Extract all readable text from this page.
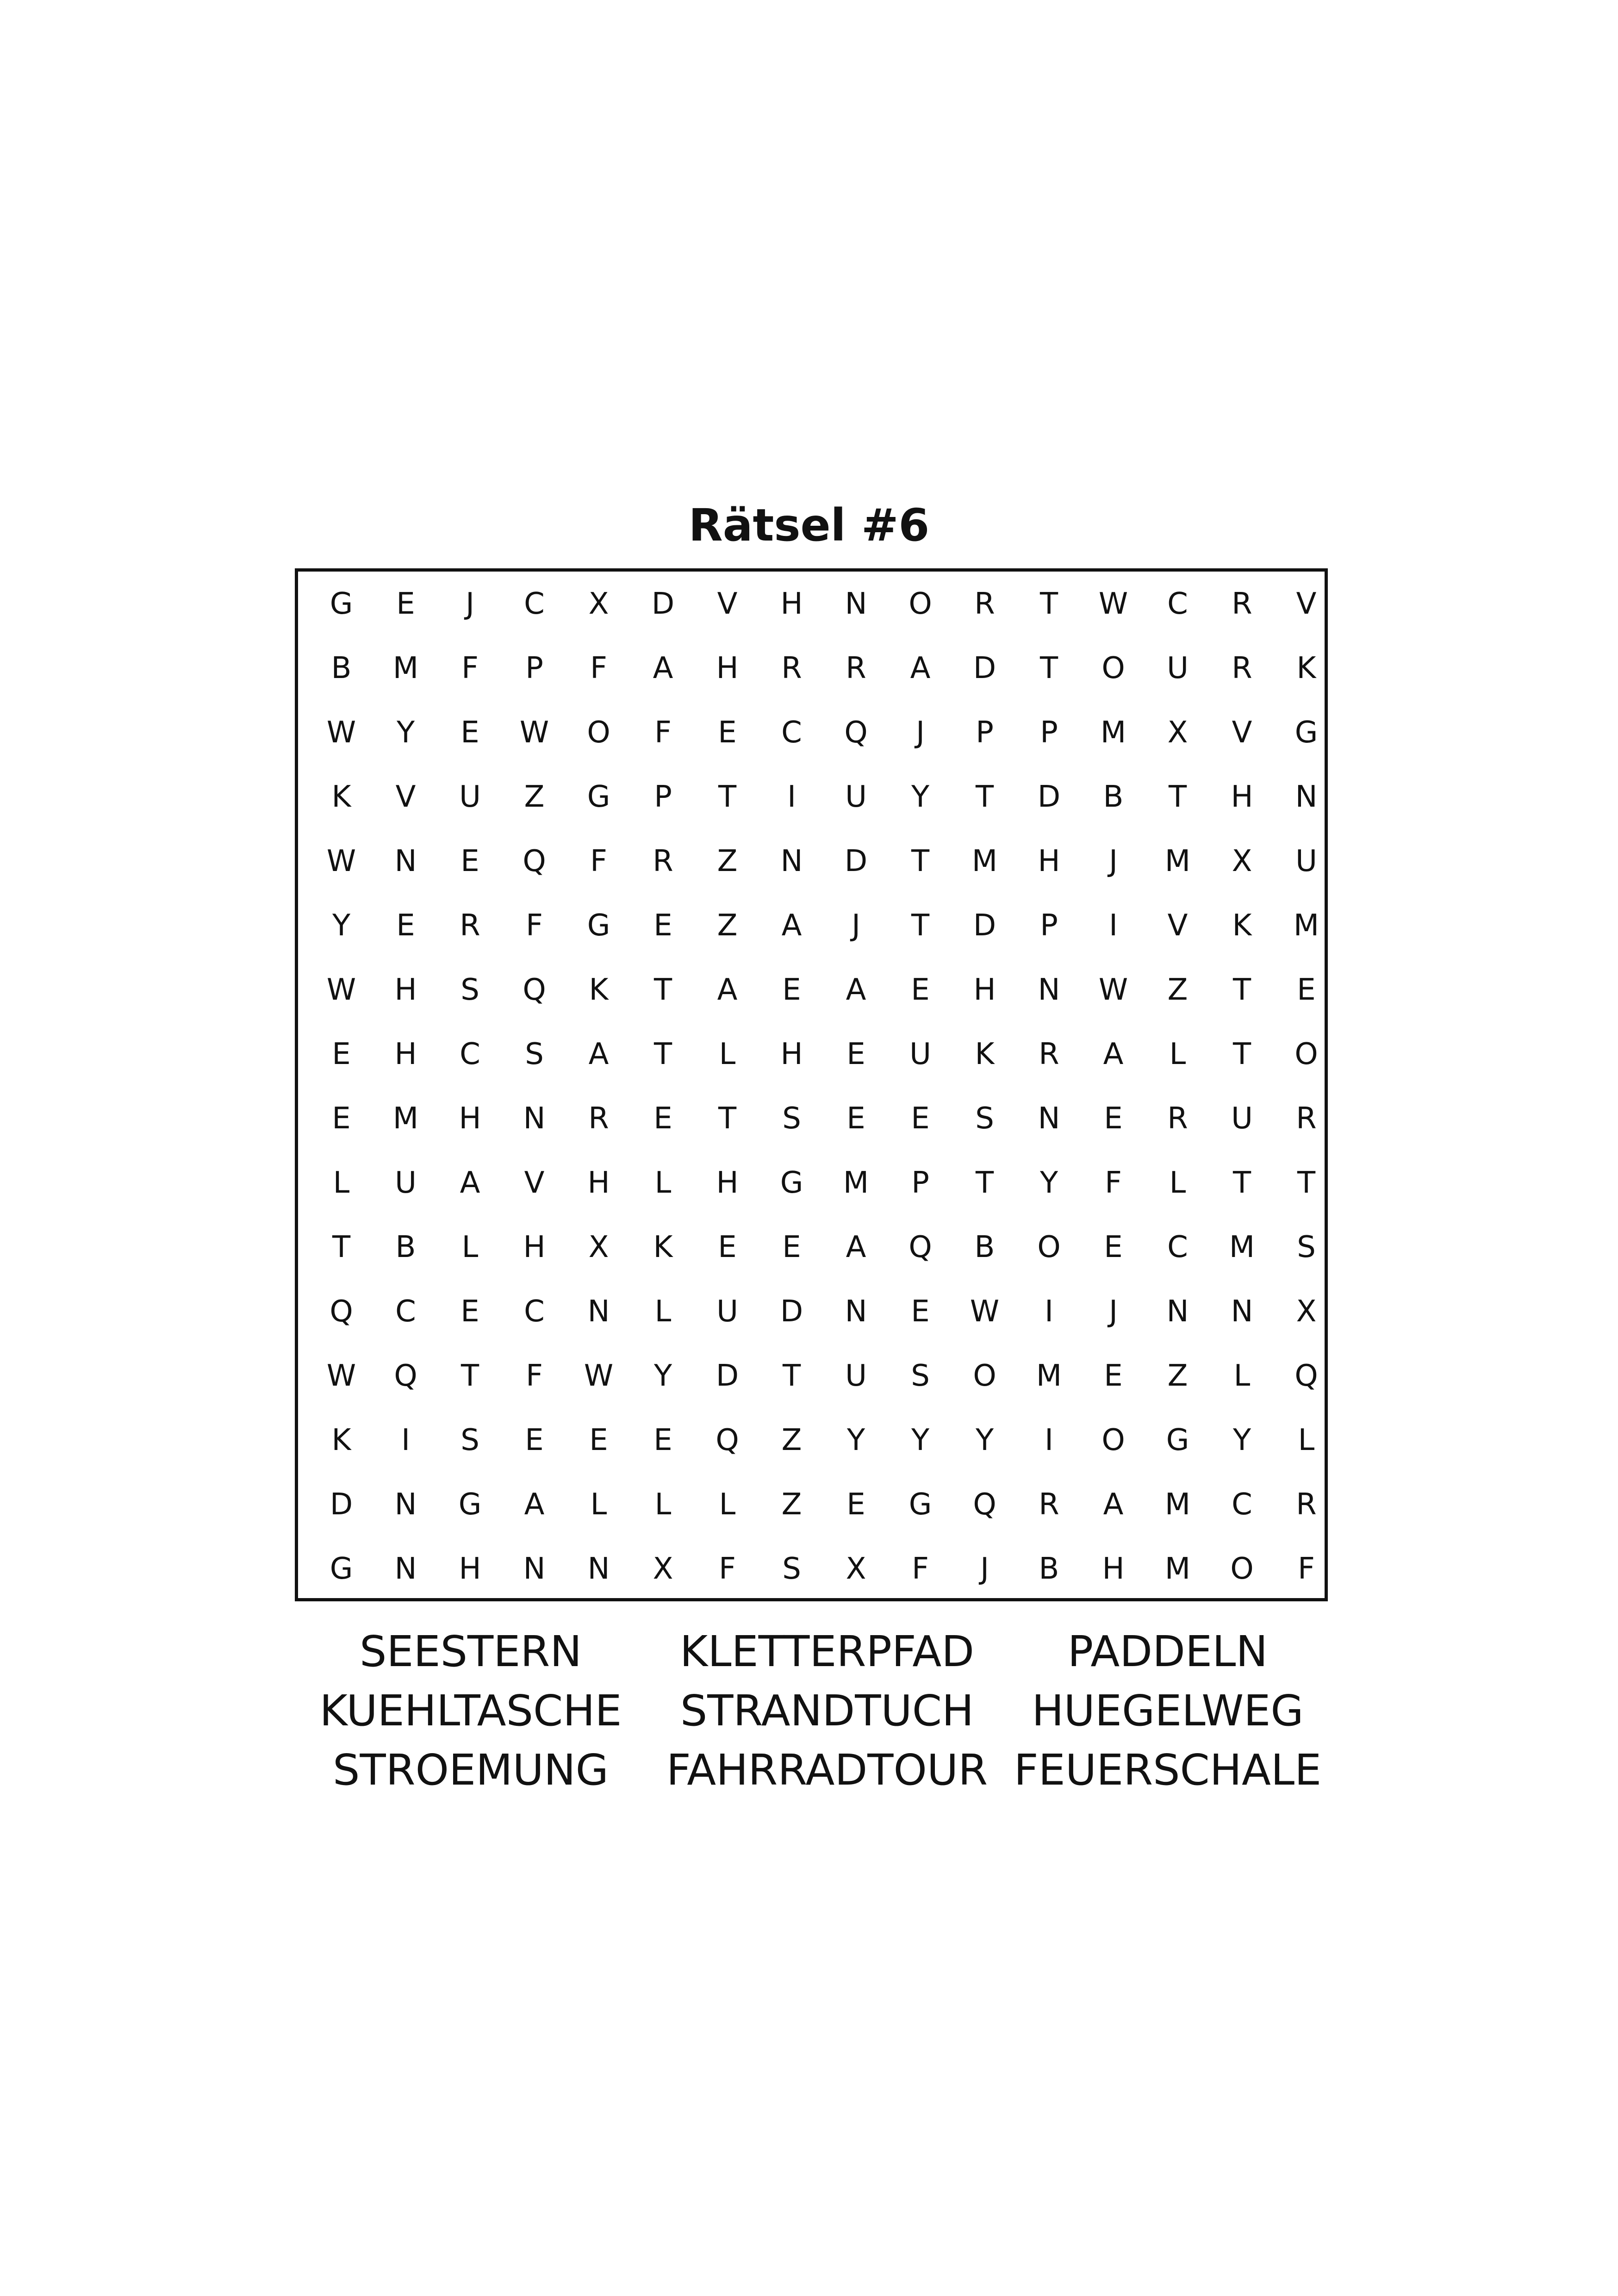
Rätsel #6
G	E	J	C	X	D	V	H	N	O	R	T	W	C	R	V
B	M	F	P	F	A	H	R	R	A	D	T	O	U	R	K
W	Y	E	W	O	F	E	C	Q	J	P	P	M	X	V	G
K	V	U	Z	G	P	T	I	U	Y	T	D	B	T	H	N
W	N	E	Q	F	R	Z	N	D	T	M	H	J	M	X	U
Y	E	R	F	G	E	Z	A	J	T	D	P	I	V	K	M
W	H	S	Q	K	T	A	E	A	E	H	N	W	Z	T	E
E	H	C	S	A	T	L	H	E	U	K	R	A	L	T	O
E	M	H	N	R	E	T	S	E	E	S	N	E	R	U	R
L	U	A	V	H	L	H	G	M	P	T	Y	F	L	T	T
T	B	L	H	X	K	E	E	A	Q	B	O	E	C	M	S
Q	C	E	C	N	L	U	D	N	E	W	I	J	N	N	X
W	Q	T	F	W	Y	D	T	U	S	O	M	E	Z	L	Q
K	I	S	E	E	E	Q	Z	Y	Y	Y	I	O	G	Y	L
D	N	G	A	L	L	L	Z	E	G	Q	R	A	M	C	R
G	N	H	N	N	X	F	S	X	F	J	B	H	M	O	F
SEESTERN	KLETTERPFAD	PADDELN
KUEHLTASCHE	STRANDTUCH	HUEGELWEG
STROEMUNG	FAHRRADTOUR FEUERSCHALE
